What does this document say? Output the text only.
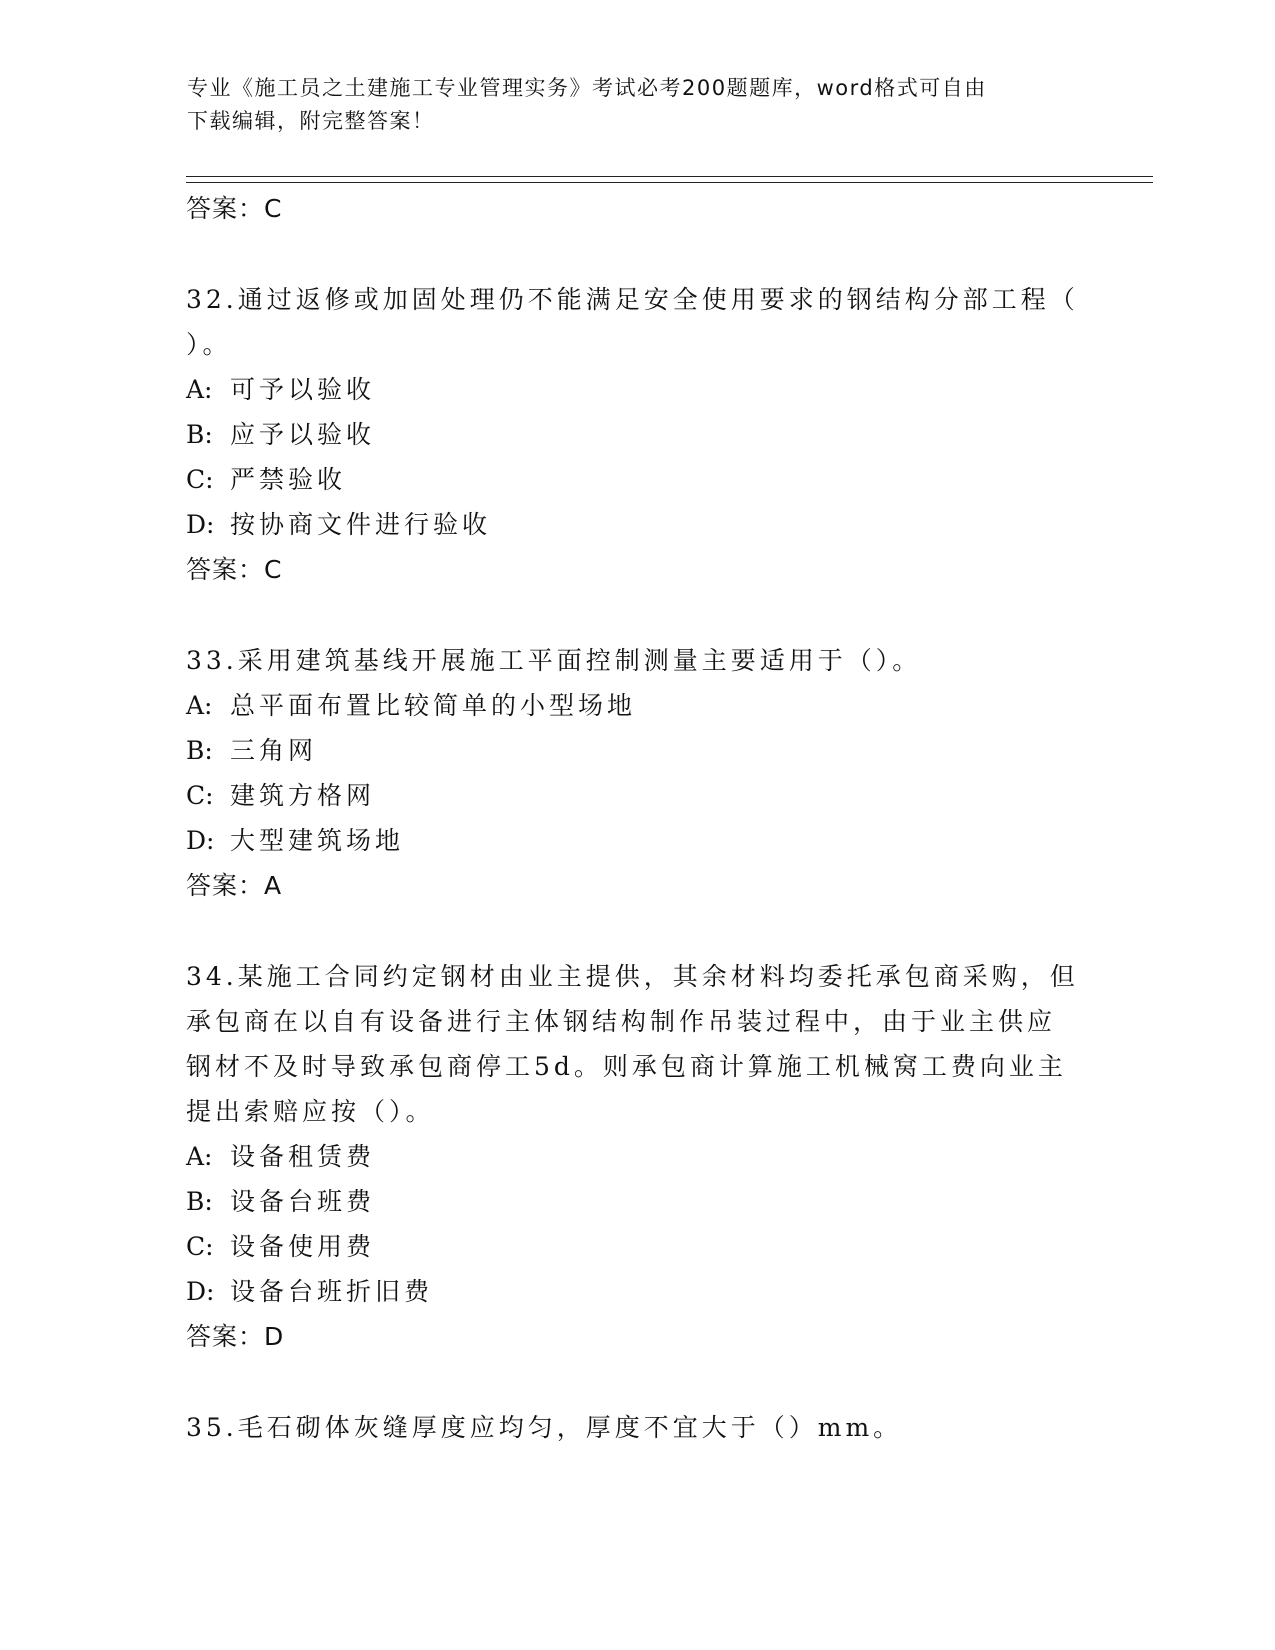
专业《施工员之土建施工专业管理实务》考试必考200题题库，word格式可自由
下载编辑，附完整答案！
答案：C
32.通过返修或加固处理仍不能满足安全使用要求的钢结构分部工程（
）。
A: 可予以验收
B: 应予以验收
C: 严禁验收
D: 按协商文件进行验收
答案：C
33.采用建筑基线开展施工平面控制测量主要适用于（）。
A: 总平面布置比较简单的小型场地
B: 三角网
C: 建筑方格网
D: 大型建筑场地
答案：A
34.某施工合同约定钢材由业主提供，其余材料均委托承包商采购，但
承包商在以自有设备进行主体钢结构制作吊装过程中，由于业主供应
钢材不及时导致承包商停工5d。则承包商计算施工机械窝工费向业主
提出索赔应按（）。
A: 设备租赁费
B: 设备台班费
C: 设备使用费
D: 设备台班折旧费
答案：D
35.毛石砌体灰缝厚度应均匀，厚度不宜大于（）mm。
